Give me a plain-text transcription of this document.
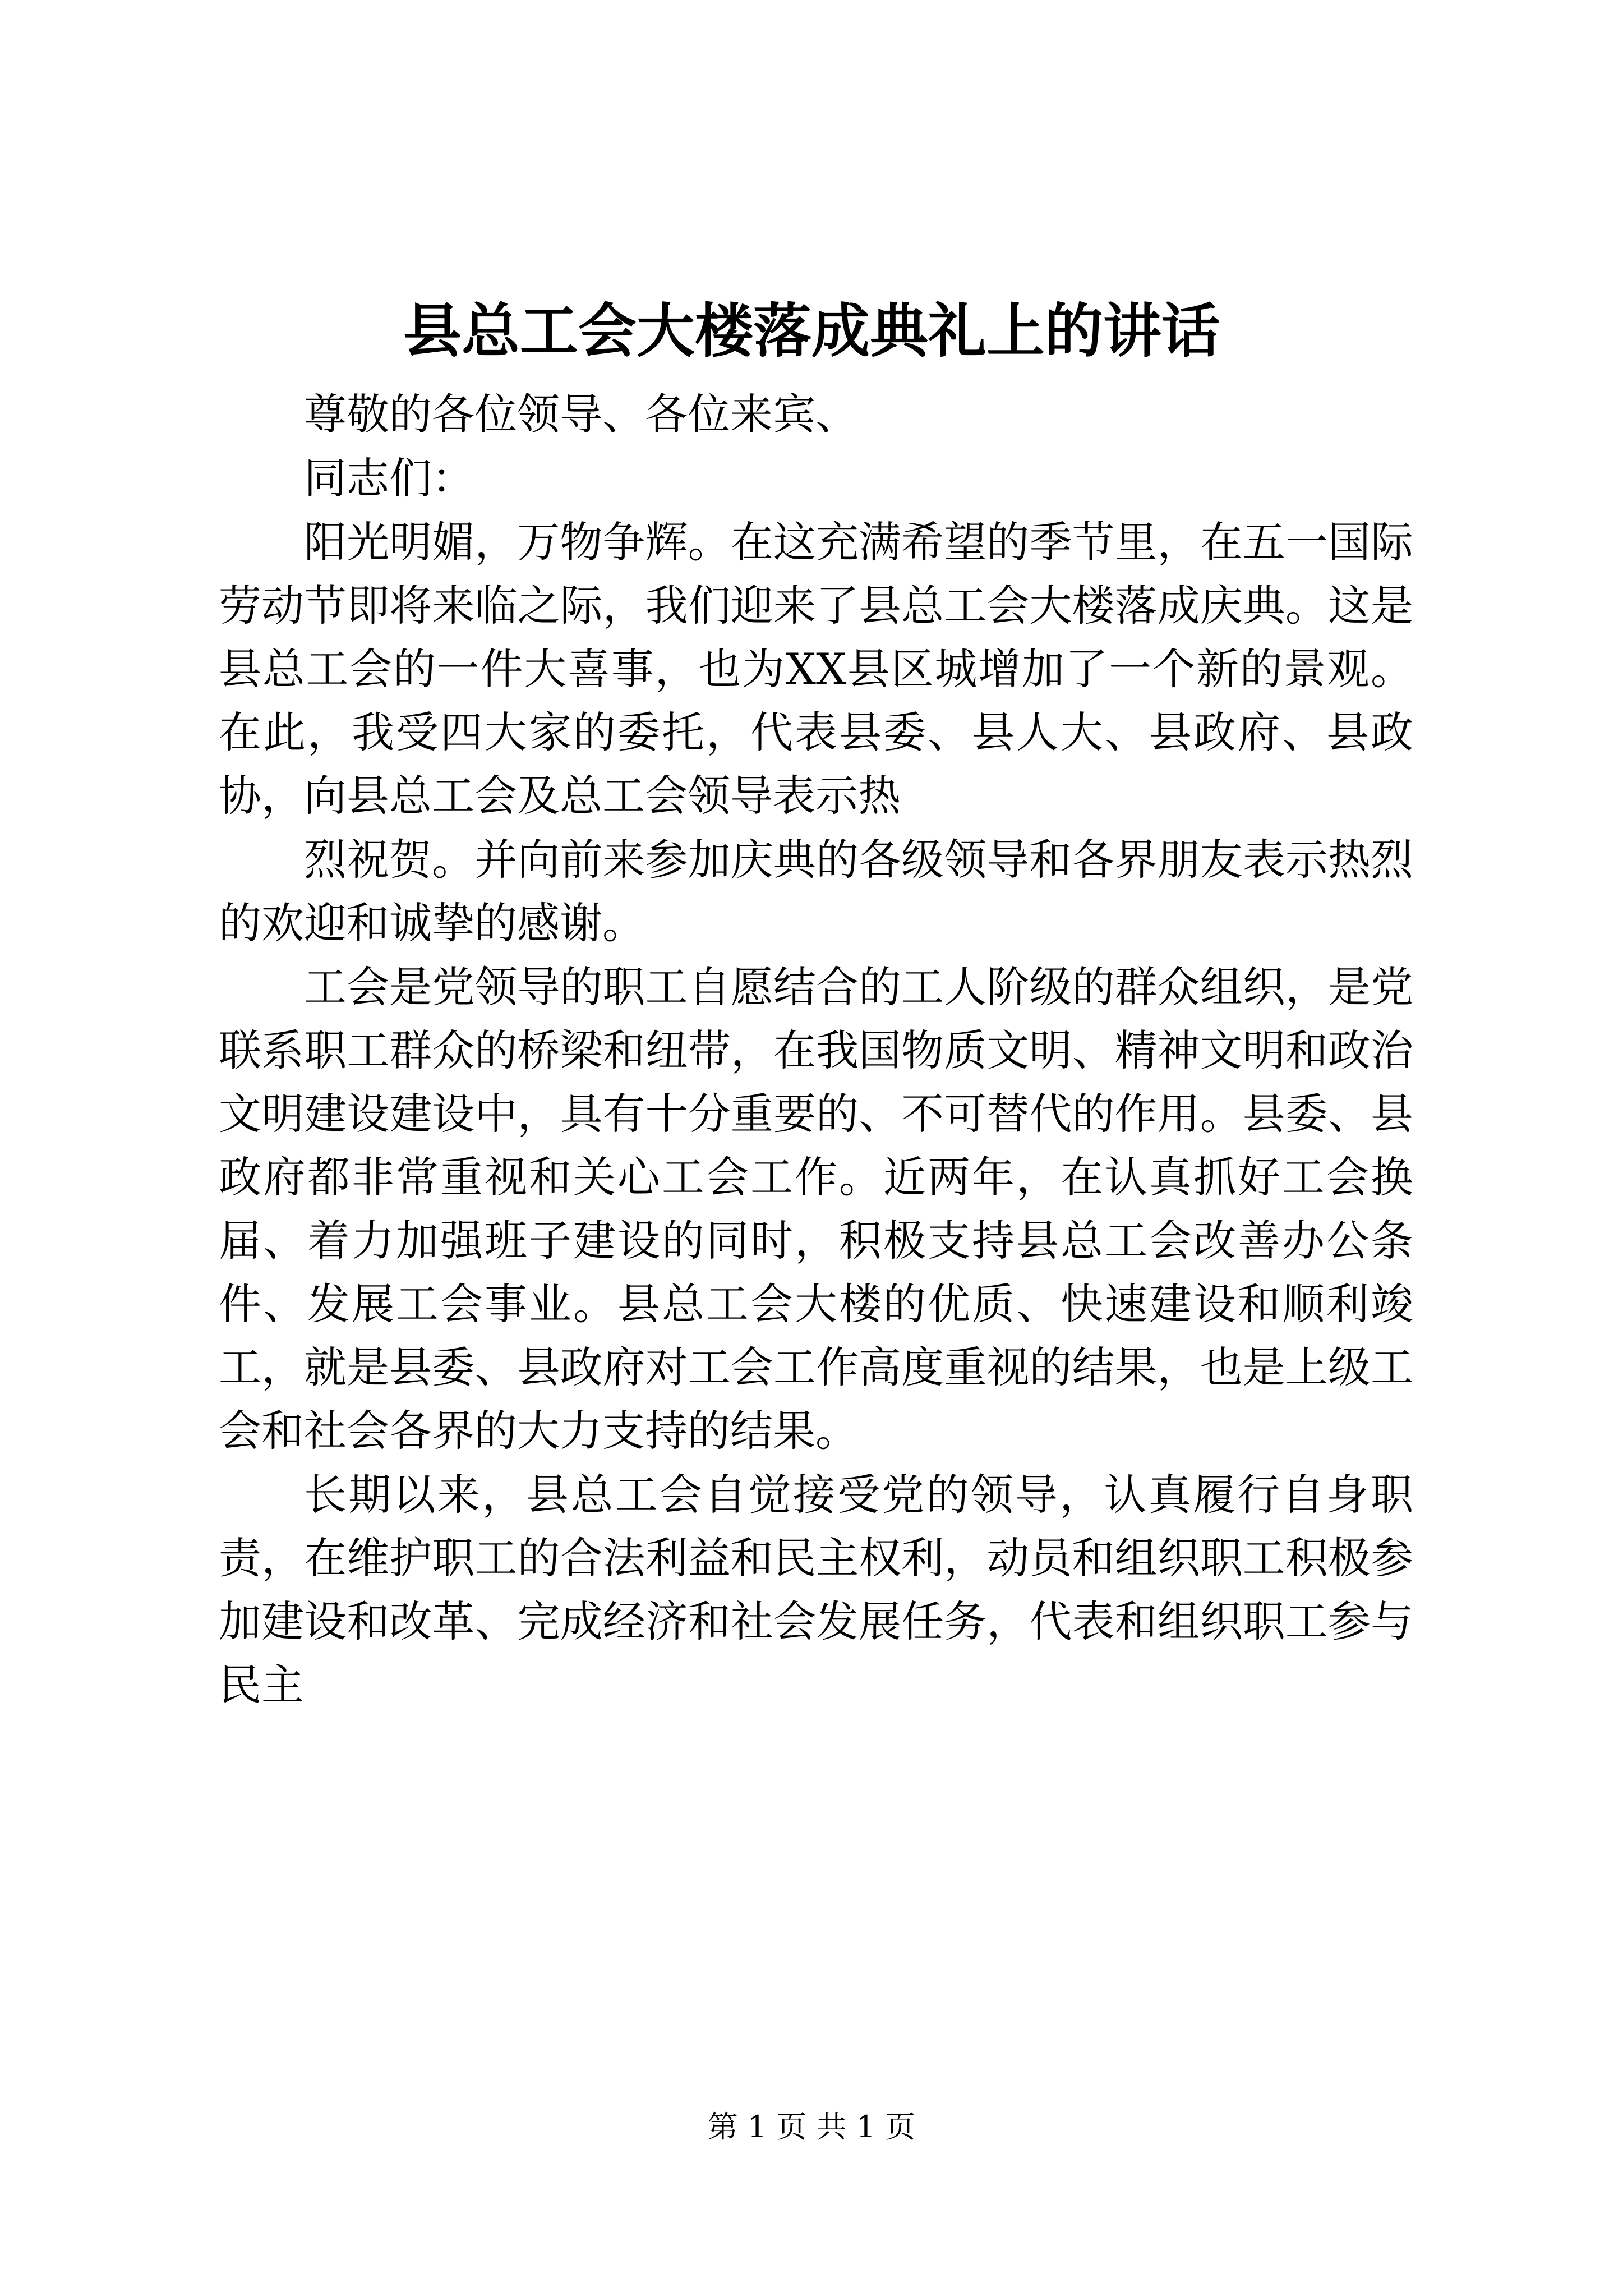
县总工会大楼落成典礼上的讲话

尊敬的各位领导、各位来宾、

同志们：

阳光明媚，万物争辉。在这充满希望的季节里，在五一国际劳动节即将来临之际，我们迎来了县总工会大楼落成庆典。这是县总工会的一件大喜事，也为XX县区城增加了一个新的景观。在此，我受四大家的委托，代表县委、县人大、县政府、县政协，向县总工会及总工会领导表示热

烈祝贺。并向前来参加庆典的各级领导和各界朋友表示热烈的欢迎和诚挚的感谢。

工会是党领导的职工自愿结合的工人阶级的群众组织，是党联系职工群众的桥梁和纽带，在我国物质文明、精神文明和政治文明建设建设中，具有十分重要的、不可替代的作用。县委、县政府都非常重视和关心工会工作。近两年，在认真抓好工会换届、着力加强班子建设的同时，积极支持县总工会改善办公条件、发展工会事业。县总工会大楼的优质、快速建设和顺利竣工，就是县委、县政府对工会工作高度重视的结果，也是上级工会和社会各界的大力支持的结果。

长期以来，县总工会自觉接受党的领导，认真履行自身职责，在维护职工的合法利益和民主权利，动员和组织职工积极参加建设和改革、完成经济和社会发展任务，代表和组织职工参与民主

第 1 页 共 1 页
